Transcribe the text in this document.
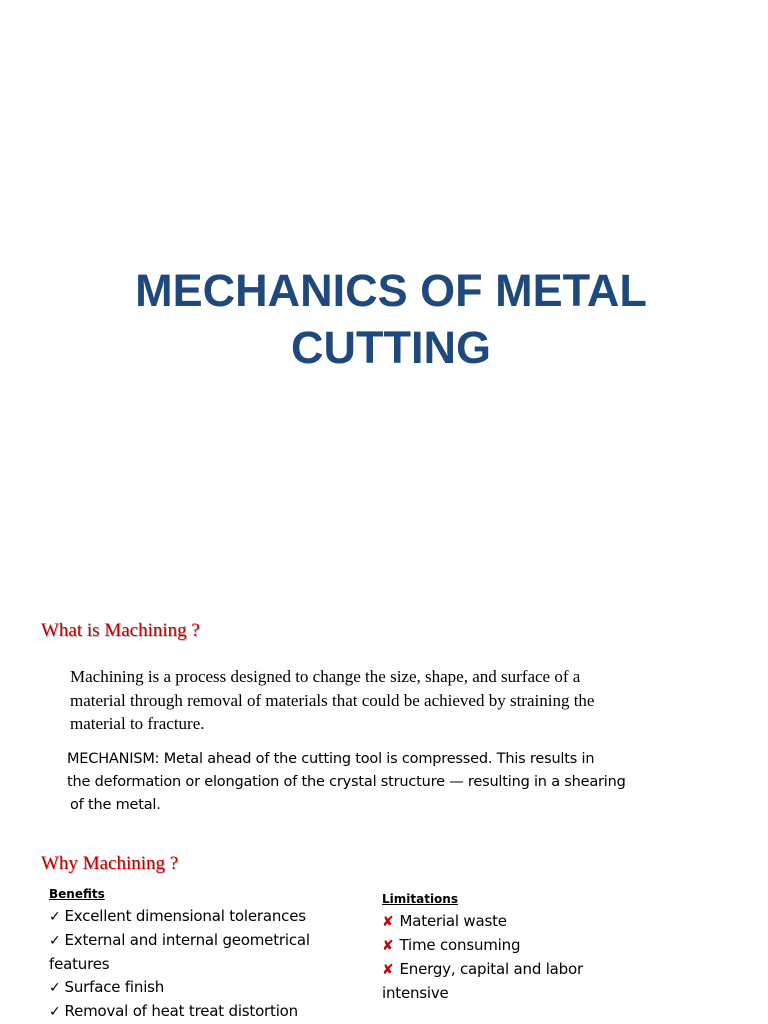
MECHANICS OF METAL
CUTTING
What is Machining ?

Machining is a process designed to change the size, shape, and surface of a
material through removal of materials that could be achieved by straining the
material to fracture.

MECHANISM: Metal ahead of the cutting tool is compressed. This results in
the deformation or elongation of the crystal structure — resulting in a shearing
of the metal.

Why Machining ?
Benefits
✓ Excellent dimensional tolerances
✓ External and internal geometrical
features
✓ Surface finish
✓ Removal of heat treat distortion
Limitations
✘ Material waste
✘ Time consuming
✘ Energy, capital and labor
intensive
